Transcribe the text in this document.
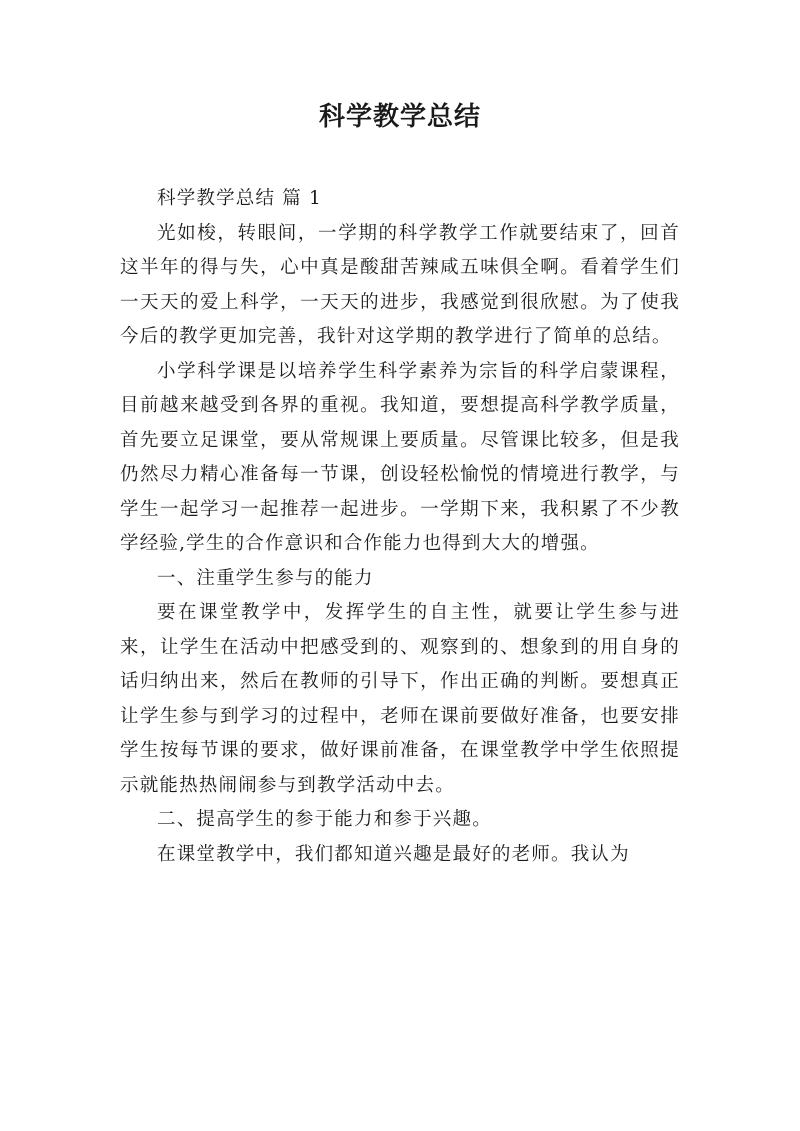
科学教学总结

科学教学总结 篇 1

光如梭，转眼间，一学期的科学教学工作就要结束了，回首这半年的得与失，心中真是酸甜苦辣咸五味俱全啊。看着学生们一天天的爱上科学，一天天的进步，我感觉到很欣慰。为了使我今后的教学更加完善，我针对这学期的教学进行了简单的总结。

小学科学课是以培养学生科学素养为宗旨的科学启蒙课程，目前越来越受到各界的重视。我知道，要想提高科学教学质量，首先要立足课堂，要从常规课上要质量。尽管课比较多，但是我仍然尽力精心准备每一节课，创设轻松愉悦的情境进行教学，与学生一起学习一起推荐一起进步。一学期下来，我积累了不少教学经验,学生的合作意识和合作能力也得到大大的增强。

一、注重学生参与的能力

要在课堂教学中，发挥学生的自主性，就要让学生参与进来，让学生在活动中把感受到的、观察到的、想象到的用自身的话归纳出来，然后在教师的引导下，作出正确的判断。要想真正让学生参与到学习的过程中，老师在课前要做好准备，也要安排学生按每节课的要求，做好课前准备，在课堂教学中学生依照提示就能热热闹闹参与到教学活动中去。

二、提高学生的参于能力和参于兴趣。

在课堂教学中，我们都知道兴趣是最好的老师。我认为
